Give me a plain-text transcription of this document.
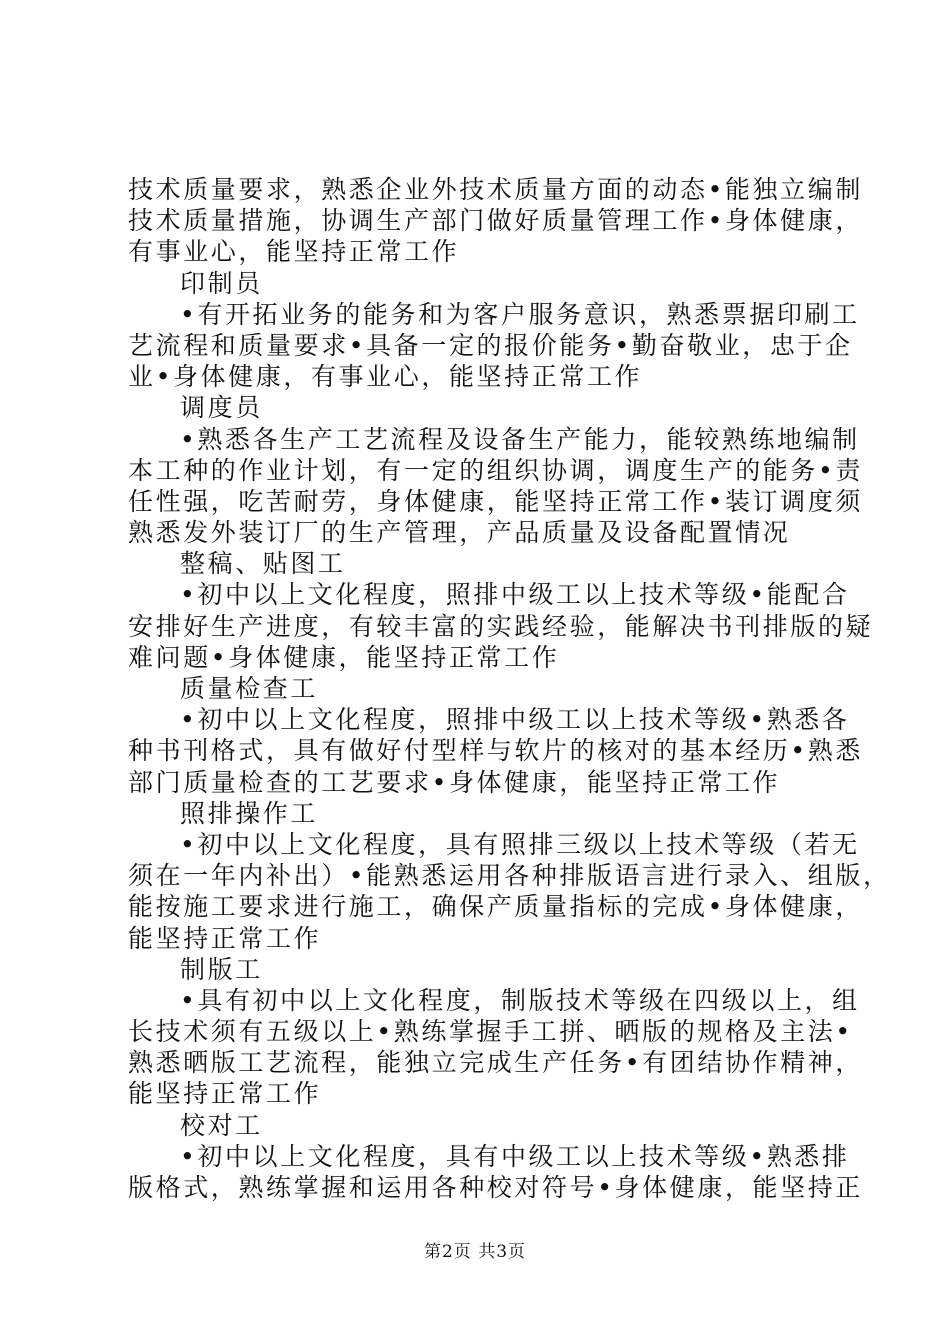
技术质量要求，熟悉企业外技术质量方面的动态•能独立编制
技术质量措施，协调生产部门做好质量管理工作•身体健康，
有事业心，能坚持正常工作
印制员
•有开拓业务的能务和为客户服务意识，熟悉票据印刷工
艺流程和质量要求•具备一定的报价能务•勤奋敬业，忠于企
业•身体健康，有事业心，能坚持正常工作
调度员
•熟悉各生产工艺流程及设备生产能力，能较熟练地编制
本工种的作业计划，有一定的组织协调，调度生产的能务•责
任性强，吃苦耐劳，身体健康，能坚持正常工作•装订调度须
熟悉发外装订厂的生产管理，产品质量及设备配置情况
整稿、贴图工
•初中以上文化程度，照排中级工以上技术等级•能配合
安排好生产进度，有较丰富的实践经验，能解决书刊排版的疑
难问题•身体健康，能坚持正常工作
质量检查工
•初中以上文化程度，照排中级工以上技术等级•熟悉各
种书刊格式，具有做好付型样与软片的核对的基本经历•熟悉
部门质量检查的工艺要求•身体健康，能坚持正常工作
照排操作工
•初中以上文化程度，具有照排三级以上技术等级（若无
须在一年内补出）•能熟悉运用各种排版语言进行录入、组版，
能按施工要求进行施工，确保产质量指标的完成•身体健康，
能坚持正常工作
制版工
•具有初中以上文化程度，制版技术等级在四级以上，组
长技术须有五级以上•熟练掌握手工拼、晒版的规格及主法•
熟悉晒版工艺流程，能独立完成生产任务•有团结协作精神，
能坚持正常工作
校对工
•初中以上文化程度，具有中级工以上技术等级•熟悉排
版格式，熟练掌握和运用各种校对符号•身体健康，能坚持正
第2页 共3页
